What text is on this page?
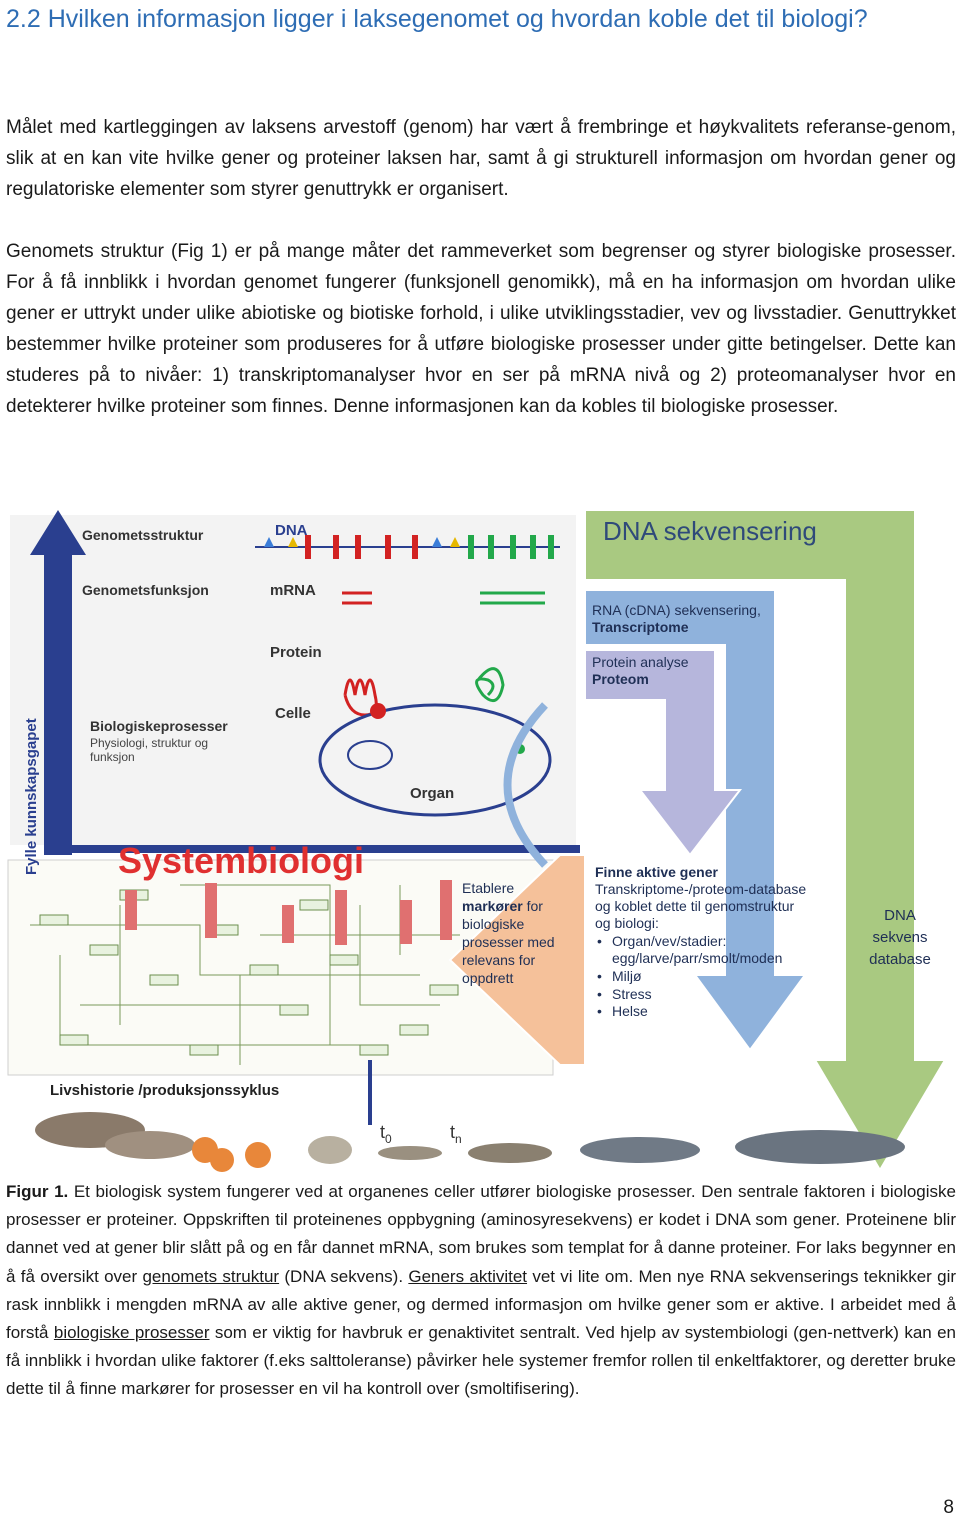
2.2 Hvilken informasjon ligger i laksegenomet og hvordan koble det til biologi?

Målet med kartleggingen av laksens arvestoff (genom) har vært å frembringe et høykvalitets referanse-genom, slik at en kan vite hvilke gener og proteiner laksen har, samt å gi strukturell informasjon om hvordan gener og regulatoriske elementer som styrer genuttrykk er organisert.

Genomets struktur (Fig 1) er på mange måter det rammeverket som begrenser og styrer biologiske prosesser. For å få innblikk i hvordan genomet fungerer (funksjonell genomikk), må en ha informasjon om hvordan ulike gener er uttrykt under ulike abiotiske og biotiske forhold, i ulike utviklingsstadier, vev og livsstadier. Genuttrykket bestemmer hvilke proteiner som produseres for å utføre biologiske prosesser under gitte betingelser. Dette kan studeres på to nivåer: 1) transkriptomanalyser hvor en ser på mRNA nivå og 2) proteomanalyser hvor en detekterer hvilke proteiner som finnes. Denne informasjonen kan da kobles til biologiske prosesser.

Genometsstruktur
Genometsfunksjon
Biologiskeprosesser
Physiologi, struktur og
funksjon
DNA
mRNA
Protein
Celle
Organ
Fylle kunnskapsgapet Systembiologi
DNA sekvensering
RNA (cDNA) sekvensering,
Transcriptome
Protein analyse
Proteom
Etablere
markører for
biologiske
prosesser med
relevans for
oppdrett
Finne aktive gener
Transkriptome-/proteom-database
og koblet dette til genomstruktur
og biologi:
• Organ/vev/stadier:
egg/larve/parr/smolt/moden
• Miljø
• Stress
• Helse
DNA
sekvens
database
Livshistorie /produksjonssyklus
$t_0$	$t_n$

Figur 1. Et biologisk system fungerer ved at organenes celler utfører biologiske prosesser. Den sentrale faktoren i biologiske prosesser er proteiner. Oppskriften til proteinenes oppbygning (aminosyresekvens) er kodet i DNA som gener. Proteinene blir dannet ved at gener blir slått på og en får dannet mRNA, som brukes som templat for å danne proteiner. For laks begynner en å få oversikt over genomets struktur (DNA sekvens). Geners aktivitet vet vi lite om. Men nye RNA sekvenserings teknikker gir rask innblikk i mengden mRNA av alle aktive gener, og dermed informasjon om hvilke gener som er aktive. I arbeidet med å forstå biologiske prosesser som er viktig for havbruk er genaktivitet sentralt. Ved hjelp av systembiologi (gen-nettverk) kan en få innblikk i hvordan ulike faktorer (f.eks salttoleranse) påvirker hele systemer fremfor rollen til enkeltfaktorer, og deretter bruke dette til å finne markører for prosesser en vil ha kontroll over (smoltifisering).

8
